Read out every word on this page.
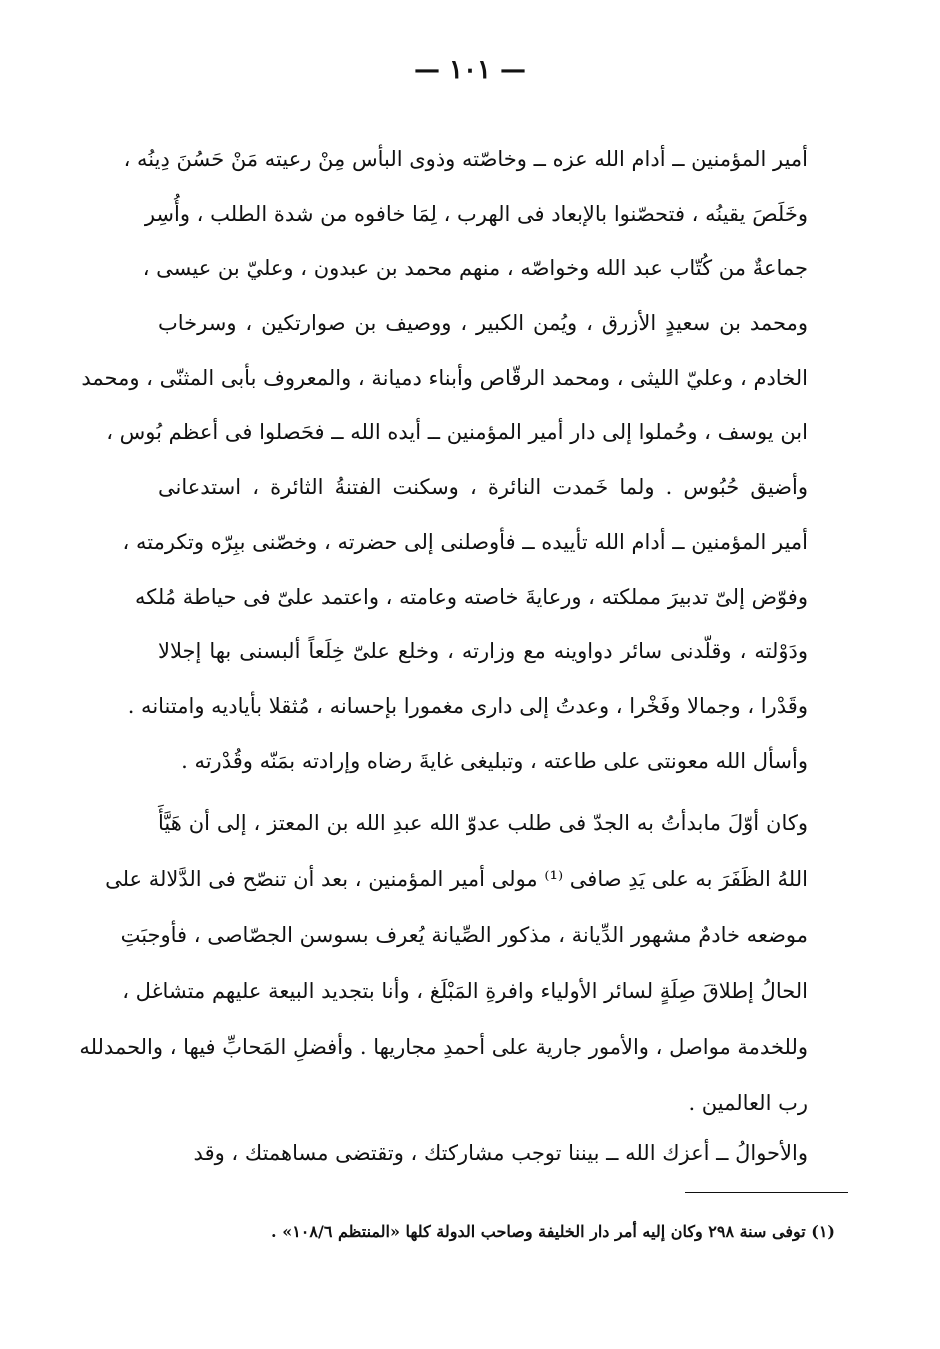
— ١٠١ —
أمير المؤمنين ــ أدام الله عزه ــ وخاصّته وذوى البأس مِنْ رعيته مَنْ حَسُنَ دِينُه ،
وخَلَصَ يقينُه ، فتحصّنوا بالإبعاد فى الهرب ، لِمَا خافوه من شدة الطلب ، وأُسِر
جماعةٌ من كُتّاب عبد الله وخواصّه ، منهم محمد بن عبدون ، وعليّ بن عيسى ،
ومحمد بن سعيدٍ الأزرق ، ويُمن الكبير ، ووصيف بن صوارتكين ، وسرخاب
الخادم ، وعليّ الليثى ، ومحمد الرقّاص وأبناء دميانة ، والمعروف بأبى المثنّى ، ومحمد
ابن يوسف ، وحُملوا إلى دار أمير المؤمنين ــ أيده الله ــ فحَصلوا فى أعظم بُوس ،
وأضيق حُبُوس . ولما خَمدت النائرة ، وسكنت الفتنةُ الثائرة ، استدعانى
أمير المؤمنين ــ أدام الله تأييده ــ فأوصلنى إلى حضرته ، وخصّنى ببِرّه وتكرمته ،
وفوّض إلىّ تدبيرَ مملكته ، ورعايةَ خاصته وعامته ، واعتمد علىّ فى حياطة مُلكه
ودَوْلته ، وقلّدنى سائر دواوينه مع وزارته ، وخلع علىّ خِلَعاً ألبسنى بها إجلالا
وقَدْرا ، وجمالا وفَخْرا ، وعدتُ إلى دارى مغمورا بإحسانه ، مُثقلا بأياديه وامتنانه .
وأسأل الله معونتى على طاعته ، وتبليغى غايةَ رضاه وإرادته بمَنّه وقُدْرته .
وكان أوّلَ مابدأتُ به الجدّ فى طلب عدوّ الله عبدِ الله بن المعتز ، إلى أن هَيَّأَ
اللهُ الظَفَرَ به على يَدِ صافى ⁽¹⁾ مولى أمير المؤمنين ، بعد أن تنصّح فى الدَّلالة على
موضعه خادمٌ مشهور الدِّيانة ، مذكور الصِّيانة يُعرف بسوسن الجصّاصى ، فأوجبَتِ
الحالُ إطلاقَ صِلَةٍ لسائر الأولياء وافرةِ المَبْلَغ ، وأنا بتجديد البيعة عليهم متشاغل ،
وللخدمة مواصل ، والأمور جارية على أحمدِ مجاريها . وأفضلِ المَحابِّ فيها ، والحمدلله
رب العالمين .
والأحوالُ ــ أعزك الله ــ بيننا توجب مشاركتك ، وتقتضى مساهمتك ، وقد
(١) توفى سنة ٢٩٨ وكان إليه أمر دار الخليفة وصاحب الدولة كلها «المنتظم ١٠٨/٦» .
